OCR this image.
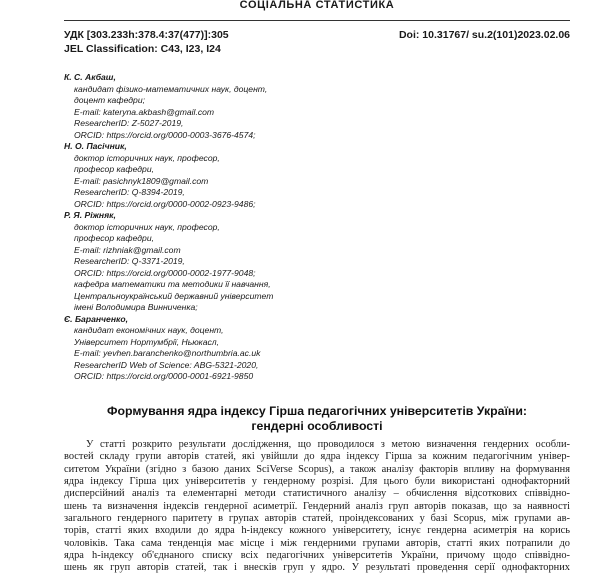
СОЦІАЛЬНА СТАТИСТИКА
УДК [303.233h:378.4:37(477)]:305
JEL Classification: C43, I23, I24
Doi: 10.31767/ su.2(101)2023.02.06
К. С. Акбаш,
кандидат фізико-математичних наук, доцент,
доцент кафедри;
E-mail: kateryna.akbash@gmail.com
ResearcherID: Z-5027-2019,
ORCID: https://orcid.org/0000-0003-3676-4574;
Н. О. Пасічник,
доктор історичних наук, професор,
професор кафедри,
E-mail: pasichnyk1809@gmail.com
ResearcherID: Q-8394-2019,
ORCID: https://orcid.org/0000-0002-0923-9486;
Р. Я. Рiжняк,
доктор історичних наук, професор,
професор кафедри,
E-mail: rizhniak@gmail.com
ResearcherID: Q-3371-2019,
ORCID: https://orcid.org/0000-0002-1977-9048;
кафедра математики та методики її навчання,
Центральноукраїнський державний університет
імені Володимира Винниченка;
Є. Баранченко,
кандидат економічних наук, доцент,
Університет Нортумбрії, Ньюкасл,
E-mail: yevhen.baranchenko@northumbria.ac.uk
ResearcherID Web of Science: ABG-5321-2020,
ORCID: https://orcid.org/0000-0001-6921-9850
Формування ядра індексу Гірша педагогічних університетів України:
гендерні особливості
У статті розкрито результати дослідження, що проводилося з метою визначення гендерних особли-
востей складу групи авторів статей, які увійшли до ядра індексу Гірша за кожним педагогічним універ-
ситетом України (згідно з базою даних SciVerse Scopus), а також аналізу факторів впливу на формування
ядра індексу Гірша цих університетів у гендерному розрізі. Для цього були використані однофакторний
дисперсійний аналіз та елементарні методи статистичного аналізу – обчислення відсоткових співвідно-
шень та визначення індексів гендерної асиметрії. Гендерний аналіз груп авторів показав, що за наявності
загального гендерного паритету в групах авторів статей, проіндексованих у базі Scopus, між групами ав-
торів, статті яких входили до ядра h-індексу кожного університету, існує гендерна асиметрія на корись
чоловіків. Така сама тенденція має місце і між гендерними групами авторів, статті яких потрапили до
ядра h-індексу об'єднаного списку всіх педагогічних університетів України, причому щодо співвідно-
шень як груп авторів статей, так і внесків груп у ядро. У результаті проведення серії однофакторних
